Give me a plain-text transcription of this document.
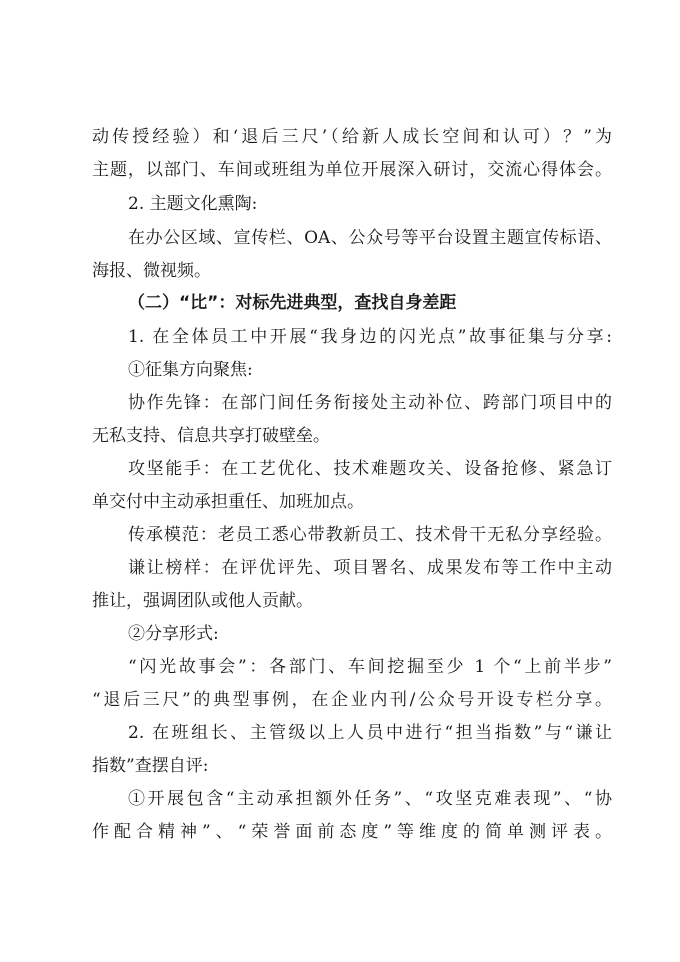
动传授经验）和‘退后三尺’（给新人成长空间和认可）？”为
主题，以部门、车间或班组为单位开展深入研讨，交流心得体会。
2. 主题文化熏陶:
在办公区域、宣传栏、OA、公众号等平台设置主题宣传标语、
海报、微视频。
（二）“比”：对标先进典型，查找自身差距
1. 在全体员工中开展“我身边的闪光点”故事征集与分享:
①征集方向聚焦:
协作先锋：在部门间任务衔接处主动补位、跨部门项目中的
无私支持、信息共享打破壁垒。
攻坚能手：在工艺优化、技术难题攻关、设备抢修、紧急订
单交付中主动承担重任、加班加点。
传承模范：老员工悉心带教新员工、技术骨干无私分享经验。
谦让榜样：在评优评先、项目署名、成果发布等工作中主动
推让，强调团队或他人贡献。
②分享形式:
“闪光故事会”：各部门、车间挖掘至少 1 个“上前半步”
“退后三尺”的典型事例，在企业内刊/公众号开设专栏分享。
2. 在班组长、主管级以上人员中进行“担当指数”与“谦让
指数”查摆自评:
①开展包含“主动承担额外任务”、“攻坚克难表现”、“协
作配合精神”、“荣誉面前态度”等维度的简单测评表。
